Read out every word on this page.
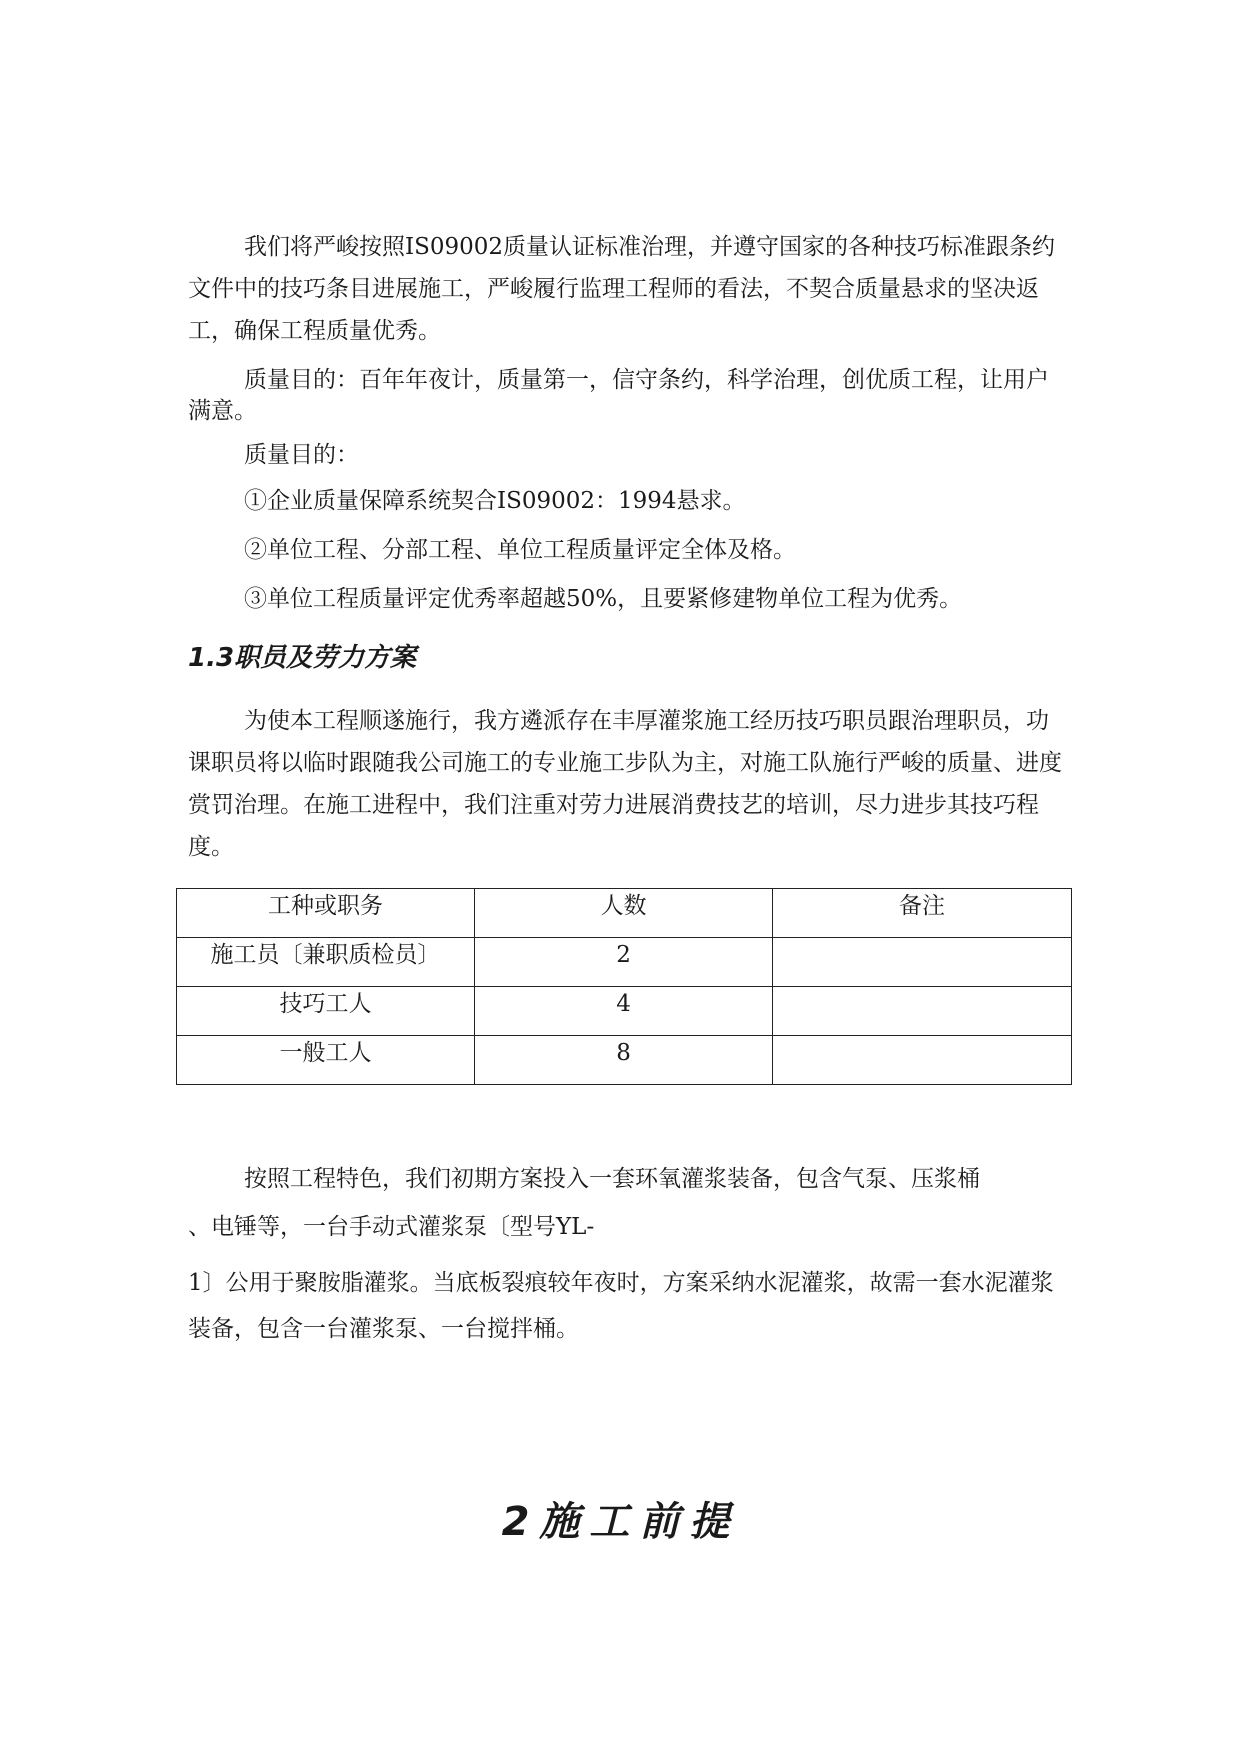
我们将严峻按照IS09002质量认证标准治理，并遵守国家的各种技巧标准跟条约文件中的技巧条目进展施工，严峻履行监理工程师的看法，不契合质量悬求的坚决返工，确保工程质量优秀。

质量目的：百年年夜计，质量第一，信守条约，科学治理，创优质工程，让用户满意。

质量目的：

①企业质量保障系统契合IS09002：1994悬求。

②单位工程、分部工程、单位工程质量评定全体及格。

③单位工程质量评定优秀率超越50%，且要紧修建物单位工程为优秀。

1.3职员及劳力方案

为使本工程顺遂施行，我方遴派存在丰厚灌浆施工经历技巧职员跟治理职员，功课职员将以临时跟随我公司施工的专业施工步队为主，对施工队施行严峻的质量、进度赏罚治理。在施工进程中，我们注重对劳力进展消费技艺的培训，尽力进步其技巧程度。

工种或职务	人数	备注
施工员〔兼职质检员〕	2	
技巧工人	4	
一般工人	8	

按照工程特色，我们初期方案投入一套环氧灌浆装备，包含气泵、压浆桶

、电锤等，一台手动式灌浆泵〔型号YL-

1〕公用于聚胺脂灌浆。当底板裂痕较年夜时，方案采纳水泥灌浆，故需一套水泥灌浆装备，包含一台灌浆泵、一台搅拌桶。

2施工前提
